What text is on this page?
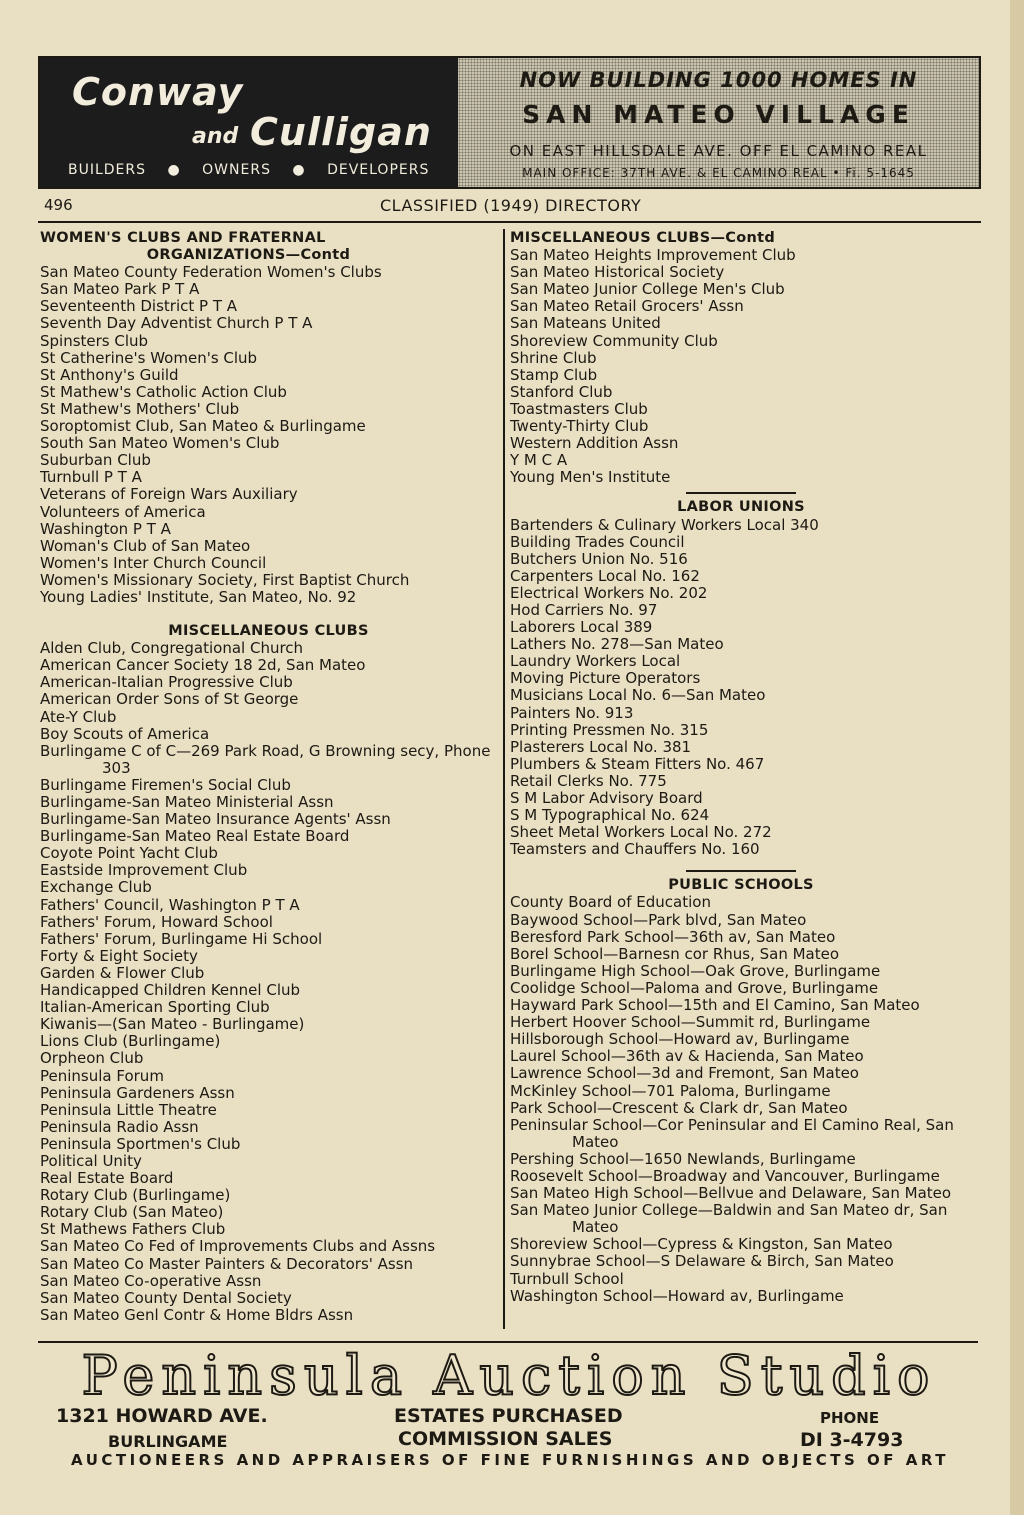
Conway
and Culligan
BUILDERS ● OWNERS ● DEVELOPERS
NOW BUILDING 1000 HOMES IN
SAN MATEO VILLAGE
ON EAST HILLSDALE AVE. OFF EL CAMINO REAL
MAIN OFFICE: 37TH AVE. & EL CAMINO REAL • Fi. 5-1645
496	CLASSIFIED (1949) DIRECTORY
WOMEN'S CLUBS AND FRATERNAL
ORGANIZATIONS—Contd
San Mateo County Federation Women's Clubs
San Mateo Park P T A
Seventeenth District P T A
Seventh Day Adventist Church P T A
Spinsters Club
St Catherine's Women's Club
St Anthony's Guild
St Mathew's Catholic Action Club
St Mathew's Mothers' Club
Soroptomist Club, San Mateo & Burlingame
South San Mateo Women's Club
Suburban Club
Turnbull P T A
Veterans of Foreign Wars Auxiliary
Volunteers of America
Washington P T A
Woman's Club of San Mateo
Women's Inter Church Council
Women's Missionary Society, First Baptist Church
Young Ladies' Institute, San Mateo, No. 92
MISCELLANEOUS CLUBS
Alden Club, Congregational Church
American Cancer Society 18 2d, San Mateo
American-Italian Progressive Club
American Order Sons of St George
Ate-Y Club
Boy Scouts of America
Burlingame C of C—269 Park Road, G Browning secy, Phone 303
Burlingame Firemen's Social Club
Burlingame-San Mateo Ministerial Assn
Burlingame-San Mateo Insurance Agents' Assn
Burlingame-San Mateo Real Estate Board
Coyote Point Yacht Club
Eastside Improvement Club
Exchange Club
Fathers' Council, Washington P T A
Fathers' Forum, Howard School
Fathers' Forum, Burlingame Hi School
Forty & Eight Society
Garden & Flower Club
Handicapped Children Kennel Club
Italian-American Sporting Club
Kiwanis—(San Mateo - Burlingame)
Lions Club (Burlingame)
Orpheon Club
Peninsula Forum
Peninsula Gardeners Assn
Peninsula Little Theatre
Peninsula Radio Assn
Peninsula Sportmen's Club
Political Unity
Real Estate Board
Rotary Club (Burlingame)
Rotary Club (San Mateo)
St Mathews Fathers Club
San Mateo Co Fed of Improvements Clubs and Assns
San Mateo Co Master Painters & Decorators' Assn
San Mateo Co-operative Assn
San Mateo County Dental Society
San Mateo Genl Contr & Home Bldrs Assn
MISCELLANEOUS CLUBS—Contd
San Mateo Heights Improvement Club
San Mateo Historical Society
San Mateo Junior College Men's Club
San Mateo Retail Grocers' Assn
San Mateans United
Shoreview Community Club
Shrine Club
Stamp Club
Stanford Club
Toastmasters Club
Twenty-Thirty Club
Western Addition Assn
Y M C A
Young Men's Institute
LABOR UNIONS
Bartenders & Culinary Workers Local 340
Building Trades Council
Butchers Union No. 516
Carpenters Local No. 162
Electrical Workers No. 202
Hod Carriers No. 97
Laborers Local 389
Lathers No. 278—San Mateo
Laundry Workers Local
Moving Picture Operators
Musicians Local No. 6—San Mateo
Painters No. 913
Printing Pressmen No. 315
Plasterers Local No. 381
Plumbers & Steam Fitters No. 467
Retail Clerks No. 775
S M Labor Advisory Board
S M Typographical No. 624
Sheet Metal Workers Local No. 272
Teamsters and Chauffers No. 160
PUBLIC SCHOOLS
County Board of Education
Baywood School—Park blvd, San Mateo
Beresford Park School—36th av, San Mateo
Borel School—Barnesn cor Rhus, San Mateo
Burlingame High School—Oak Grove, Burlingame
Coolidge School—Paloma and Grove, Burlingame
Hayward Park School—15th and El Camino, San Mateo
Herbert Hoover School—Summit rd, Burlingame
Hillsborough School—Howard av, Burlingame
Laurel School—36th av & Hacienda, San Mateo
Lawrence School—3d and Fremont, San Mateo
McKinley School—701 Paloma, Burlingame
Park School—Crescent & Clark dr, San Mateo
Peninsular School—Cor Peninsular and El Camino Real, San Mateo
Pershing School—1650 Newlands, Burlingame
Roosevelt School—Broadway and Vancouver, Burlingame
San Mateo High School—Bellvue and Delaware, San Mateo
San Mateo Junior College—Baldwin and San Mateo dr, San Mateo
Shoreview School—Cypress & Kingston, San Mateo
Sunnybrae School—S Delaware & Birch, San Mateo
Turnbull School
Washington School—Howard av, Burlingame
Peninsula Auction Studio
1321 HOWARD AVE.
BURLINGAME
ESTATES PURCHASED
COMMISSION SALES
PHONE
DI 3-4793
AUCTIONEERS AND APPRAISERS OF FINE FURNISHINGS AND OBJECTS OF ART
